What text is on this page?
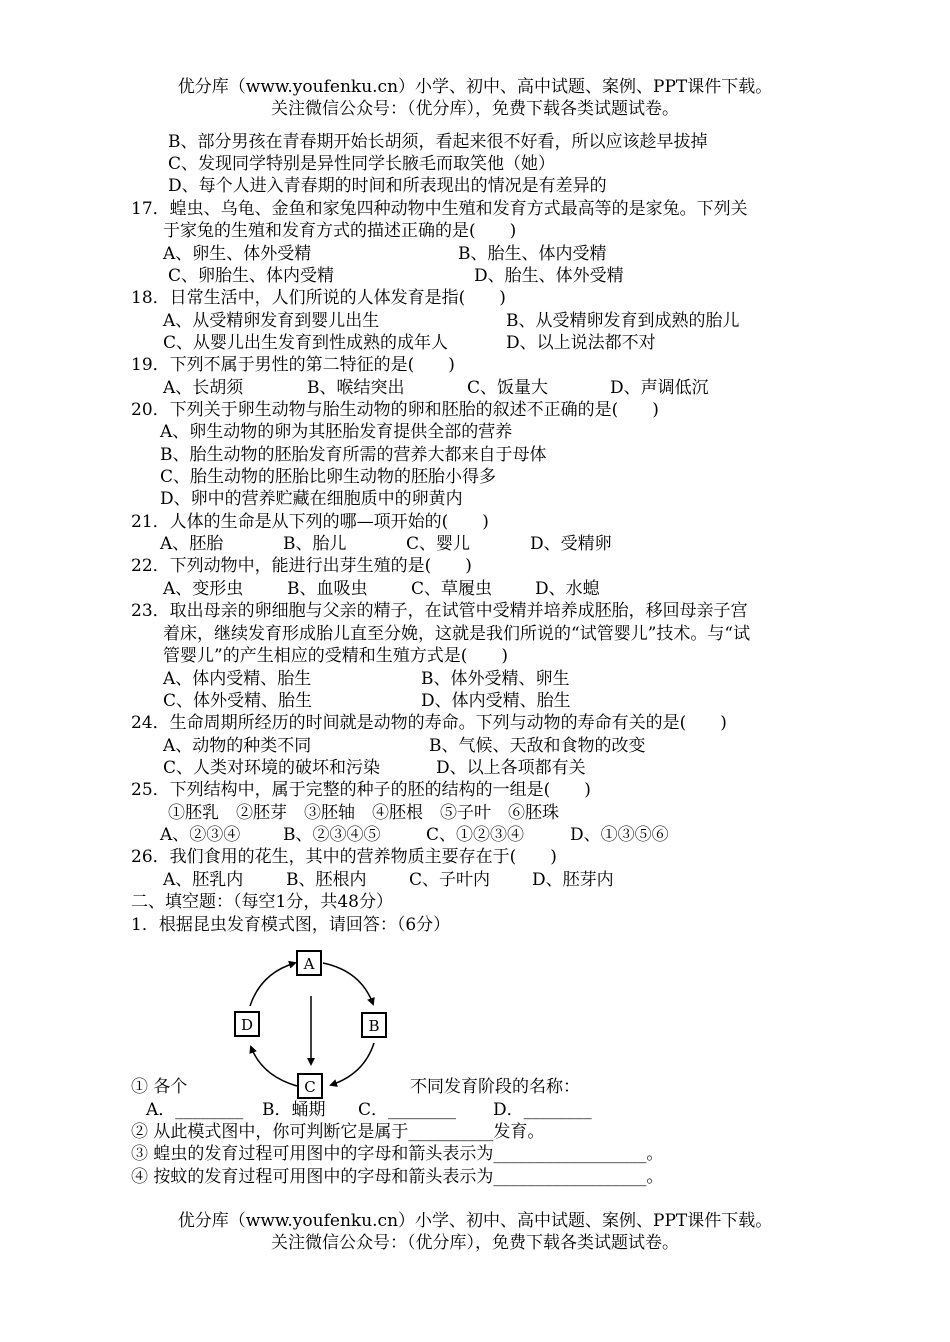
优分库（www.youfenku.cn）小学、初中、高中试题、案例、PPT课件下载。
关注微信公众号：（优分库），免费下载各类试题试卷。
B、部分男孩在青春期开始长胡须，看起来很不好看，所以应该趁早拔掉
C、发现同学特别是异性同学长腋毛而取笑他（她）
D、每个人进入青春期的时间和所表现出的情况是有差异的
17．蝗虫、乌龟、金鱼和家兔四种动物中生殖和发育方式最高等的是家兔。下列关
于家兔的生殖和发育方式的描述正确的是(　　)
A、卵生、体外受精	B、胎生、体内受精
C、卵胎生、体内受精	D、胎生、体外受精
18．日常生活中，人们所说的人体发育是指(　　)
A、从受精卵发育到婴儿出生	B、从受精卵发育到成熟的胎儿
C、从婴儿出生发育到性成熟的成年人	D、以上说法都不对
19．下列不属于男性的第二特征的是(　　)
A、长胡须	B、喉结突出	C、饭量大	D、声调低沉
20．下列关于卵生动物与胎生动物的卵和胚胎的叙述不正确的是(　　)
A、卵生动物的卵为其胚胎发育提供全部的营养
B、胎生动物的胚胎发育所需的营养大都来自于母体
C、胎生动物的胚胎比卵生动物的胚胎小得多
D、卵中的营养贮藏在细胞质中的卵黄内
21．人体的生命是从下列的哪—项开始的(　　)
A、胚胎	B、胎儿	C、婴儿	D、受精卵
22．下列动物中，能进行出芽生殖的是(　　)
A、变形虫	B、血吸虫	C、草履虫	D、水螅
23．取出母亲的卵细胞与父亲的精子，在试管中受精并培养成胚胎，移回母亲子宫
着床，继续发育形成胎儿直至分娩，这就是我们所说的“试管婴儿”技术。与“试
管婴儿”的产生相应的受精和生殖方式是(　　)
A、体内受精、胎生	B、体外受精、卵生
C、体外受精、胎生	D、体内受精、胎生
24．生命周期所经历的时间就是动物的寿命。下列与动物的寿命有关的是(　　)
A、动物的种类不同	B、气候、天敌和食物的改变
C、人类对环境的破坏和污染	D、以上各项都有关
25．下列结构中，属于完整的种子的胚的结构的一组是(　　)
①胚乳　②胚芽　③胚轴　④胚根　⑤子叶　⑥胚珠
A、②③④	B、②③④⑤	C、①②③④	D、①③⑤⑥
26．我们食用的花生，其中的营养物质主要存在于(　　)
A、胚乳内	B、胚根内	C、子叶内 D、胚芽内
二、填空题：（每空1分，共48分）
1．根据昆虫发育模式图，请回答：（6分）
A
B
C
D
① 各个	不同发育阶段的名称：
A．________ B．蛹期 C．________ D．________
② 从此模式图中，你可判断它是属于__________发育。
③ 蝗虫的发育过程可用图中的字母和箭头表示为__________________。
④ 按蚊的发育过程可用图中的字母和箭头表示为__________________。
优分库（www.youfenku.cn）小学、初中、高中试题、案例、PPT课件下载。
关注微信公众号：（优分库），免费下载各类试题试卷。
